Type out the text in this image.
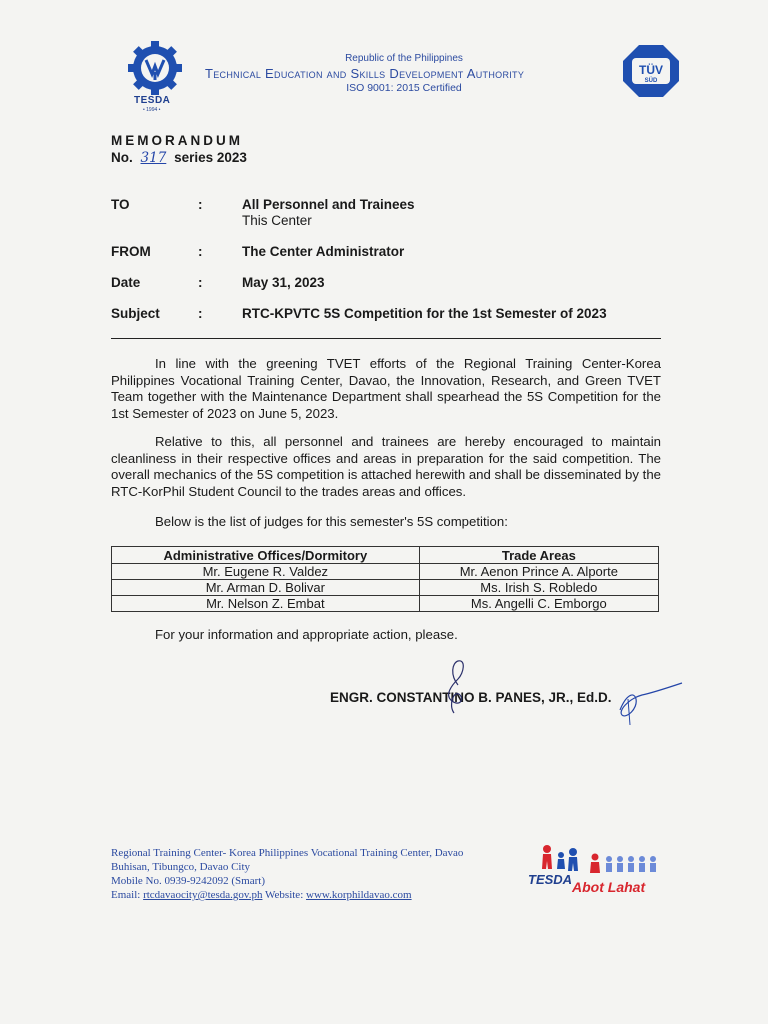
TESDA
• 1994 •
Republic of the Philippines
Technical Education and Skills Development Authority
ISO 9001: 2015 Certified
TÜV
SÜD
MEMORANDUM
No. 317 series 2023
TO	:	All Personnel and Trainees
This Center
FROM	:	The Center Administrator
Date	:	May 31, 2023
Subject	:	RTC-KPVTC 5S Competition for the 1st Semester of 2023
In line with the greening TVET efforts of the Regional Training Center-Korea Philippines Vocational Training Center, Davao, the Innovation, Research, and Green TVET Team together with the Maintenance Department shall spearhead the 5S Competition for the 1st Semester of 2023 on June 5, 2023.
Relative to this, all personnel and trainees are hereby encouraged to maintain cleanliness in their respective offices and areas in preparation for the said competition. The overall mechanics of the 5S competition is attached herewith and shall be disseminated by the RTC-KorPhil Student Council to the trades areas and offices.
Below is the list of judges for this semester's 5S competition:
Administrative Offices/Dormitory	Trade Areas
Mr. Eugene R. Valdez	Mr. Aenon Prince A. Alporte
Mr. Arman D. Bolivar	Ms. Irish S. Robledo
Mr. Nelson Z. Embat	Ms. Angelli C. Emborgo
For your information and appropriate action, please.
ENGR. CONSTANTINO B. PANES, JR., Ed.D.
Regional Training Center- Korea Philippines Vocational Training Center, Davao
Buhisan, Tibungco, Davao City
Mobile No. 0939-9242092 (Smart)
Email: rtcdavaocity@tesda.gov.ph Website: www.korphildavao.com
TESDA Abot Lahat
